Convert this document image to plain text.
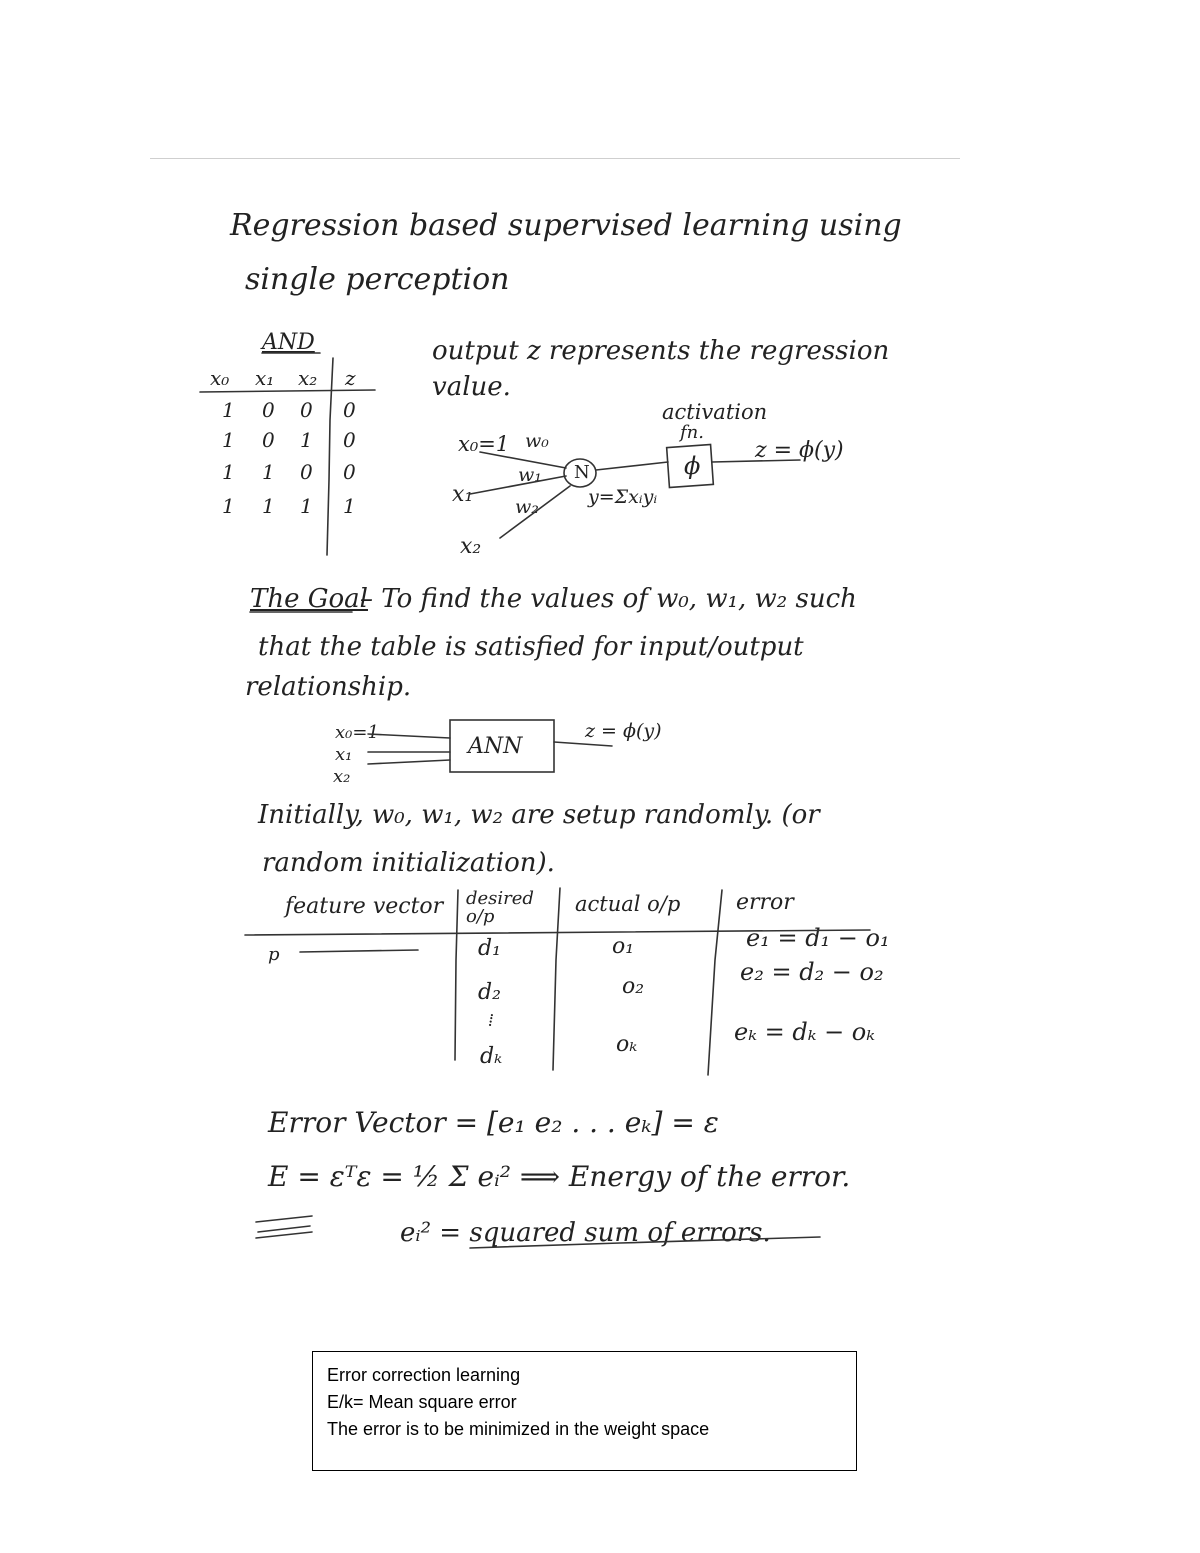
Regression based supervised learning using
single perception
AND
x₀ x₁ x₂ z
1 0 0 0
1 0 1 0
1 1 0 0
1 1 1 1
output z represents the regression
value.
activation
fn.
x₀=1 w₀
w₁
w₂
x₁
x₂
N
y=Σxᵢyᵢ
ϕ
z = ϕ(y)
The Goal
– To find the values of w₀, w₁, w₂ such
that the table is satisfied for input/output
relationship.
x₀=1
x₁
x₂
ANN
z = ϕ(y)
Initially, w₀, w₁, w₂ are setup randomly. (or
random initialization).
feature vector desired o/p
actual o/p	error
p	d₁
d₂
⁞
dₖ
o₁
o₂
oₖ
e₁ = d₁ − o₁
e₂ = d₂ − o₂
eₖ = dₖ − oₖ
Error Vector = [e₁ e₂ . . . eₖ] = ε
E = εᵀε = ½ Σ eᵢ² ⟹ Energy of the error.
eᵢ² = squared sum of errors.
Error correction learning
E/k= Mean square error
The error is to be minimized in the weight space
